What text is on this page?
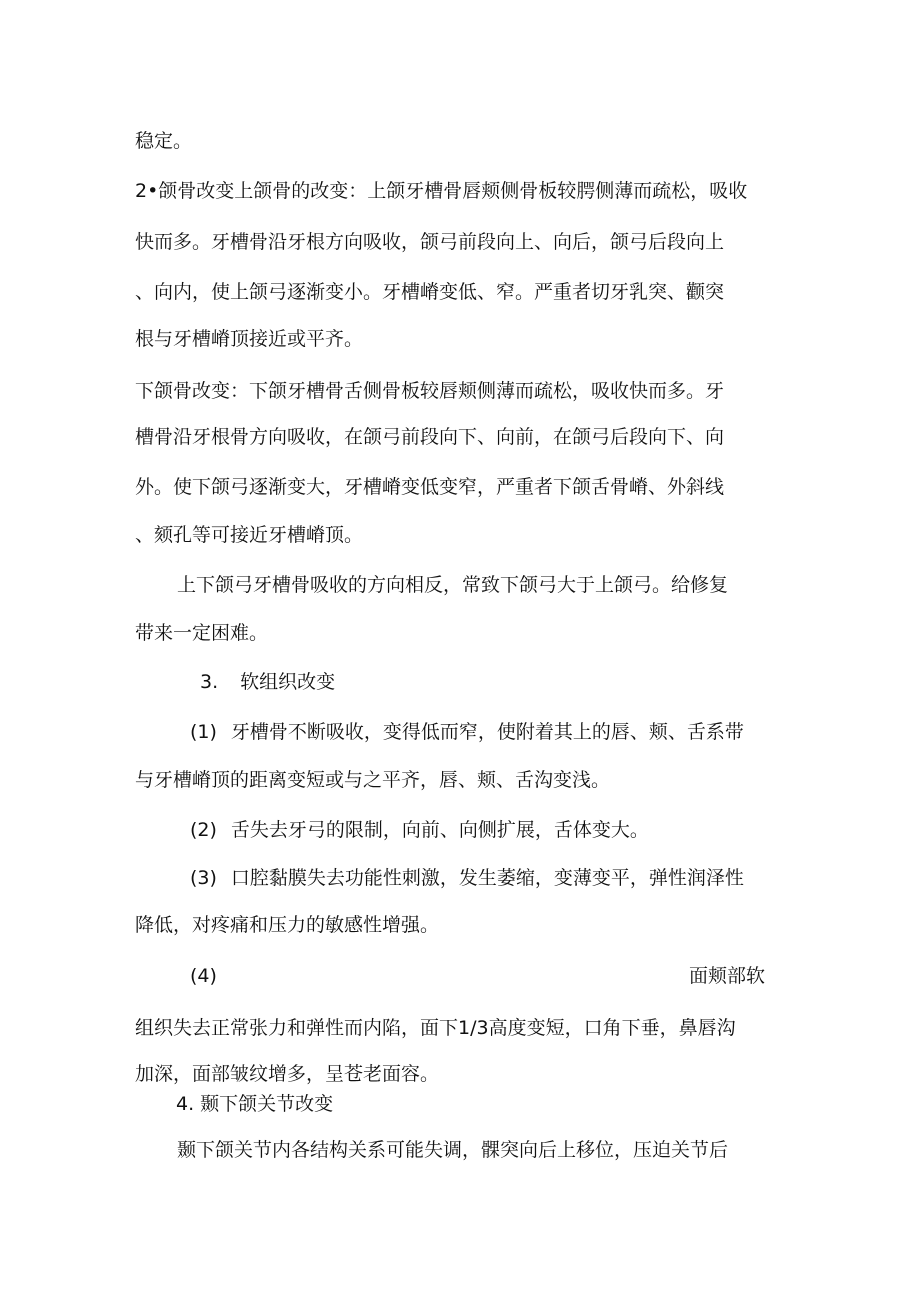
稳定。
2•颌骨改变上颌骨的改变：上颌牙槽骨唇颊侧骨板较腭侧薄而疏松，吸收
快而多。牙槽骨沿牙根方向吸收，颌弓前段向上、向后，颌弓后段向上
、向内，使上颌弓逐渐变小。牙槽嵴变低、窄。严重者切牙乳突、颧突
根与牙槽嵴顶接近或平齐。
下颌骨改变：下颌牙槽骨舌侧骨板较唇颊侧薄而疏松，吸收快而多。牙
槽骨沿牙根骨方向吸收，在颌弓前段向下、向前，在颌弓后段向下、向
外。使下颌弓逐渐变大，牙槽嵴变低变窄，严重者下颌舌骨嵴、外斜线
、颏孔等可接近牙槽嵴顶。
上下颌弓牙槽骨吸收的方向相反，常致下颌弓大于上颌弓。给修复
带来一定困难。
3. 软组织改变
(1) 牙槽骨不断吸收，变得低而窄，使附着其上的唇、颊、舌系带
与牙槽嵴顶的距离变短或与之平齐，唇、颊、舌沟变浅。
(2) 舌失去牙弓的限制，向前、向侧扩展，舌体变大。
(3) 口腔黏膜失去功能性刺激，发生萎缩，变薄变平，弹性润泽性
降低，对疼痛和压力的敏感性增强。
(4)	面颊部软
组织失去正常张力和弹性而内陷，面下1/3高度变短，口角下垂，鼻唇沟
加深，面部皱纹增多，呈苍老面容。
4. 颞下颌关节改变
颞下颌关节内各结构关系可能失调，髁突向后上移位，压迫关节后
